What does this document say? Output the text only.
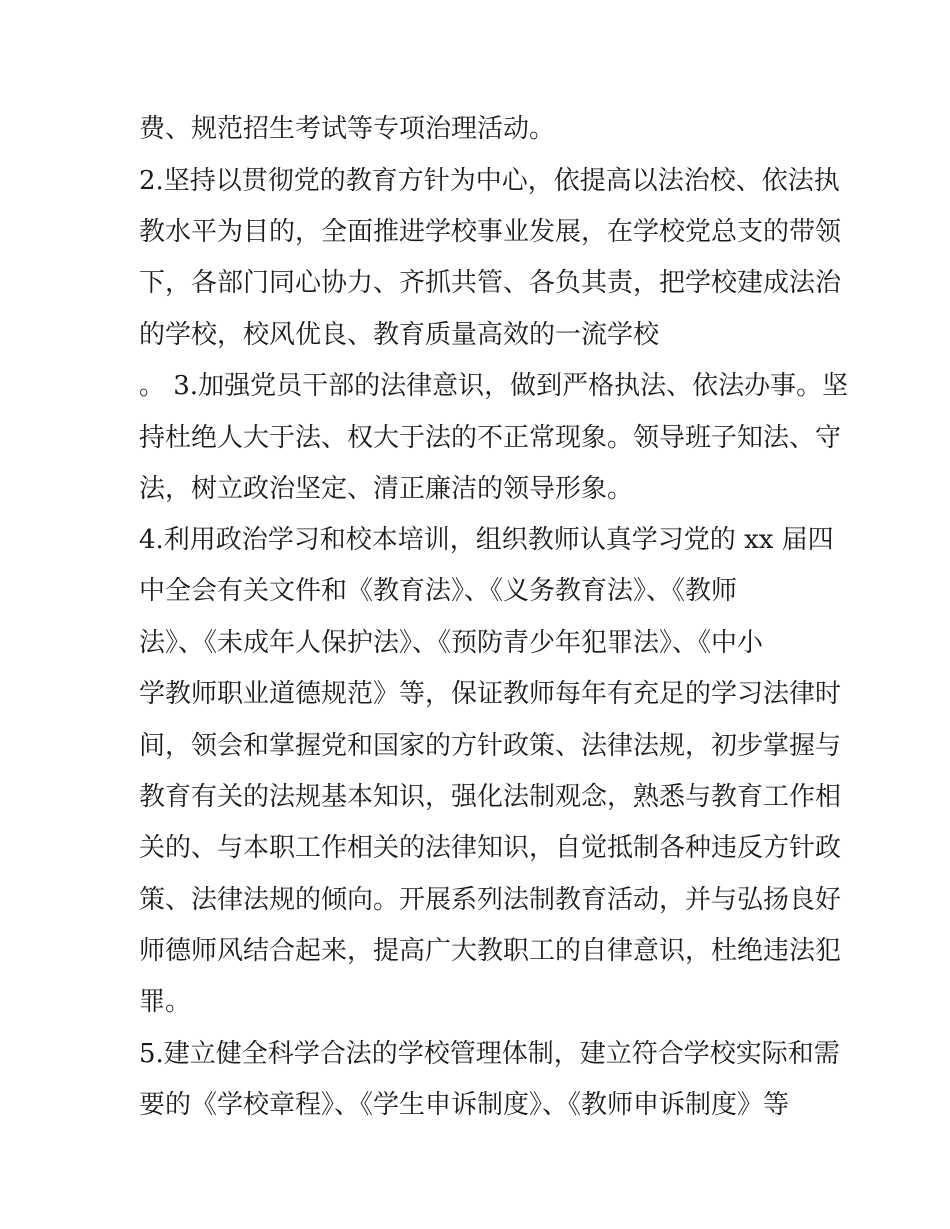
费、规范招生考试等专项治理活动。

2.坚持以贯彻党的教育方针为中心，依提高以法治校、依法执

教水平为目的，全面推进学校事业发展，在学校党总支的带领

下，各部门同心协力、齐抓共管、各负其责，把学校建成法治

的学校，校风优良、教育质量高效的一流学校

。 3.加强党员干部的法律意识，做到严格执法、依法办事。坚

持杜绝人大于法、权大于法的不正常现象。领导班子知法、守

法，树立政治坚定、清正廉洁的领导形象。

4.利用政治学习和校本培训，组织教师认真学习党的 xx 届四

中全会有关文件和《教育法》、《义务教育法》、《教师

法》、《未成年人保护法》、《预防青少年犯罪法》、《中小

学教师职业道德规范》等，保证教师每年有充足的学习法律时

间，领会和掌握党和国家的方针政策、法律法规，初步掌握与

教育有关的法规基本知识，强化法制观念，熟悉与教育工作相

关的、与本职工作相关的法律知识，自觉抵制各种违反方针政

策、法律法规的倾向。开展系列法制教育活动，并与弘扬良好

师德师风结合起来，提高广大教职工的自律意识，杜绝违法犯

罪。

5.建立健全科学合法的学校管理体制，建立符合学校实际和需

要的《学校章程》、《学生申诉制度》、《教师申诉制度》等
